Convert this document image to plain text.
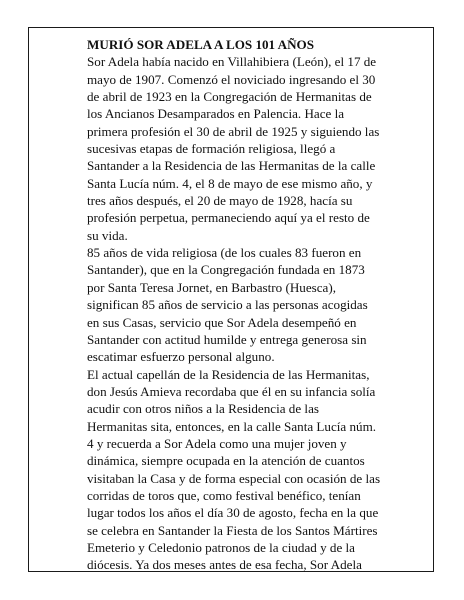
MURIÓ SOR ADELA A LOS 101 AÑOS
Sor Adela había nacido en Villahibiera (León), el 17 de
mayo de 1907. Comenzó el noviciado ingresando el 30
de abril de 1923 en la Congregación de Hermanitas de
los Ancianos Desamparados en Palencia. Hace la
primera profesión el 30 de abril de 1925 y siguiendo las
sucesivas etapas de formación religiosa, llegó a
Santander a la Residencia de las Hermanitas de la calle
Santa Lucía núm. 4, el 8 de mayo de ese mismo año, y
tres años después, el 20 de mayo de 1928, hacía su
profesión perpetua, permaneciendo aquí ya el resto de
su vida.
85 años de vida religiosa (de los cuales 83 fueron en
Santander), que en la Congregación fundada en 1873
por Santa Teresa Jornet, en Barbastro (Huesca),
significan 85 años de servicio a las personas acogidas
en sus Casas, servicio que Sor Adela desempeñó en
Santander con actitud humilde y entrega generosa sin
escatimar esfuerzo personal alguno.
El actual capellán de la Residencia de las Hermanitas,
don Jesús Amieva recordaba que él en su infancia solía
acudir con otros niños a la Residencia de las
Hermanitas sita, entonces, en la calle Santa Lucía núm.
4 y recuerda a Sor Adela como una mujer joven y
dinámica, siempre ocupada en la atención de cuantos
visitaban la Casa y de forma especial con ocasión de las
corridas de toros que, como festival benéfico, tenían
lugar todos los años el día 30 de agosto, fecha en la que
se celebra en Santander la Fiesta de los Santos Mártires
Emeterio y Celedonio patronos de la ciudad y de la
diócesis. Ya dos meses antes de esa fecha, Sor Adela
